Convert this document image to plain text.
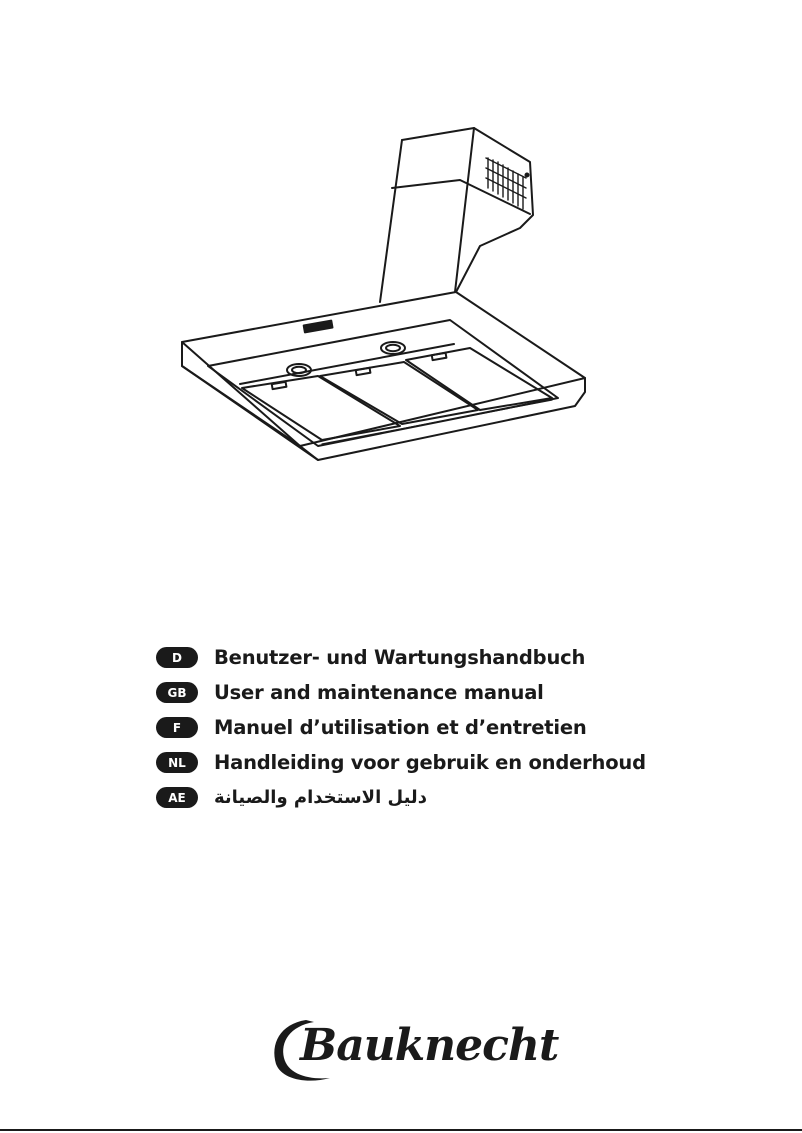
D	Benutzer- und Wartungshandbuch
GB	User and maintenance manual
F	Manuel d’utilisation et d’entretien
NL	Handleiding voor gebruik en onderhoud
AE	دليل الاستخدام والصيانة
Bauknecht
